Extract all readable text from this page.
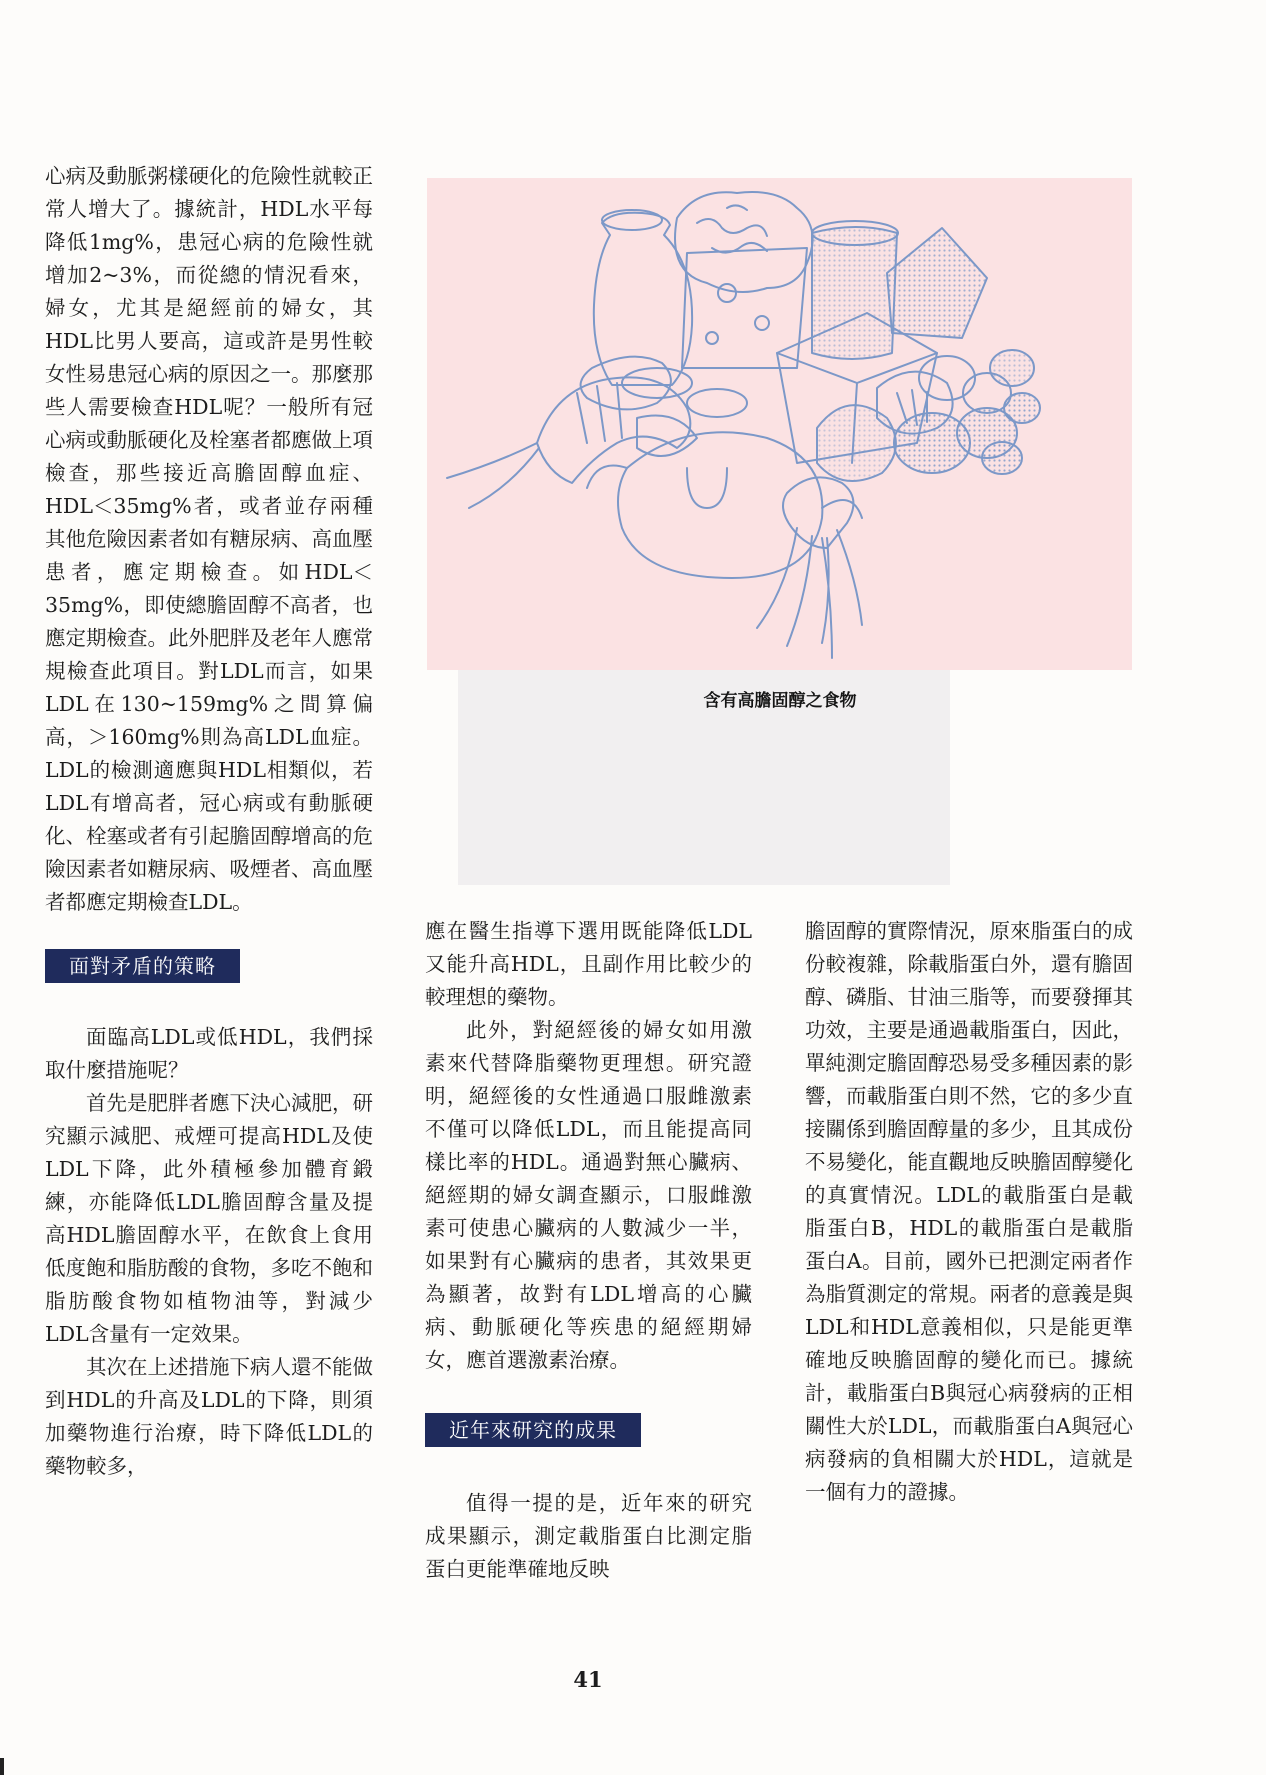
含有高膽固醇之食物

心病及動脈粥樣硬化的危險性就較正常人增大了。據統計，HDL水平每降低1mg%，患冠心病的危險性就增加2~3%，而從總的情況看來，婦女，尤其是絕經前的婦女，其HDL比男人要高，這或許是男性較女性易患冠心病的原因之一。那麼那些人需要檢查HDL呢？一般所有冠心病或動脈硬化及栓塞者都應做上項檢查，那些接近高膽固醇血症、HDL＜35mg%者，或者並存兩種其他危險因素者如有糖尿病、高血壓患者，應定期檢查。如HDL＜35mg%，即使總膽固醇不高者，也應定期檢查。此外肥胖及老年人應常規檢查此項目。對LDL而言，如果LDL在130~159mg%之間算偏高，＞160mg%則為高LDL血症。LDL的檢測適應與HDL相類似，若LDL有增高者，冠心病或有動脈硬化、栓塞或者有引起膽固醇增高的危險因素者如糖尿病、吸煙者、高血壓者都應定期檢查LDL。

面對矛盾的策略

面臨高LDL或低HDL，我們採取什麼措施呢？

首先是肥胖者應下決心減肥，研究顯示減肥、戒煙可提高HDL及使LDL下降，此外積極參加體育鍛練，亦能降低LDL膽固醇含量及提高HDL膽固醇水平，在飲食上食用低度飽和脂肪酸的食物，多吃不飽和脂肪酸食物如植物油等，對減少LDL含量有一定效果。

其次在上述措施下病人還不能做到HDL的升高及LDL的下降，則須加藥物進行治療，時下降低LDL的藥物較多，

應在醫生指導下選用既能降低LDL又能升高HDL，且副作用比較少的較理想的藥物。

此外，對絕經後的婦女如用激素來代替降脂藥物更理想。研究證明，絕經後的女性通過口服雌激素不僅可以降低LDL，而且能提高同樣比率的HDL。通過對無心臟病、絕經期的婦女調查顯示，口服雌激素可使患心臟病的人數減少一半，如果對有心臟病的患者，其效果更為顯著，故對有LDL增高的心臟病、動脈硬化等疾患的絕經期婦女，應首選激素治療。

近年來研究的成果

值得一提的是，近年來的研究成果顯示，測定載脂蛋白比測定脂蛋白更能準確地反映

膽固醇的實際情況，原來脂蛋白的成份較複雜，除載脂蛋白外，還有膽固醇、磷脂、甘油三脂等，而要發揮其功效，主要是通過載脂蛋白，因此，單純測定膽固醇恐易受多種因素的影響，而載脂蛋白則不然，它的多少直接關係到膽固醇量的多少，且其成份不易變化，能直觀地反映膽固醇變化的真實情況。LDL的載脂蛋白是載脂蛋白B，HDL的載脂蛋白是載脂蛋白A。目前，國外已把測定兩者作為脂質測定的常規。兩者的意義是與LDL和HDL意義相似，只是能更準確地反映膽固醇的變化而已。據統計，載脂蛋白B與冠心病發病的正相關性大於LDL，而載脂蛋白A與冠心病發病的負相關大於HDL，這就是一個有力的證據。

41
